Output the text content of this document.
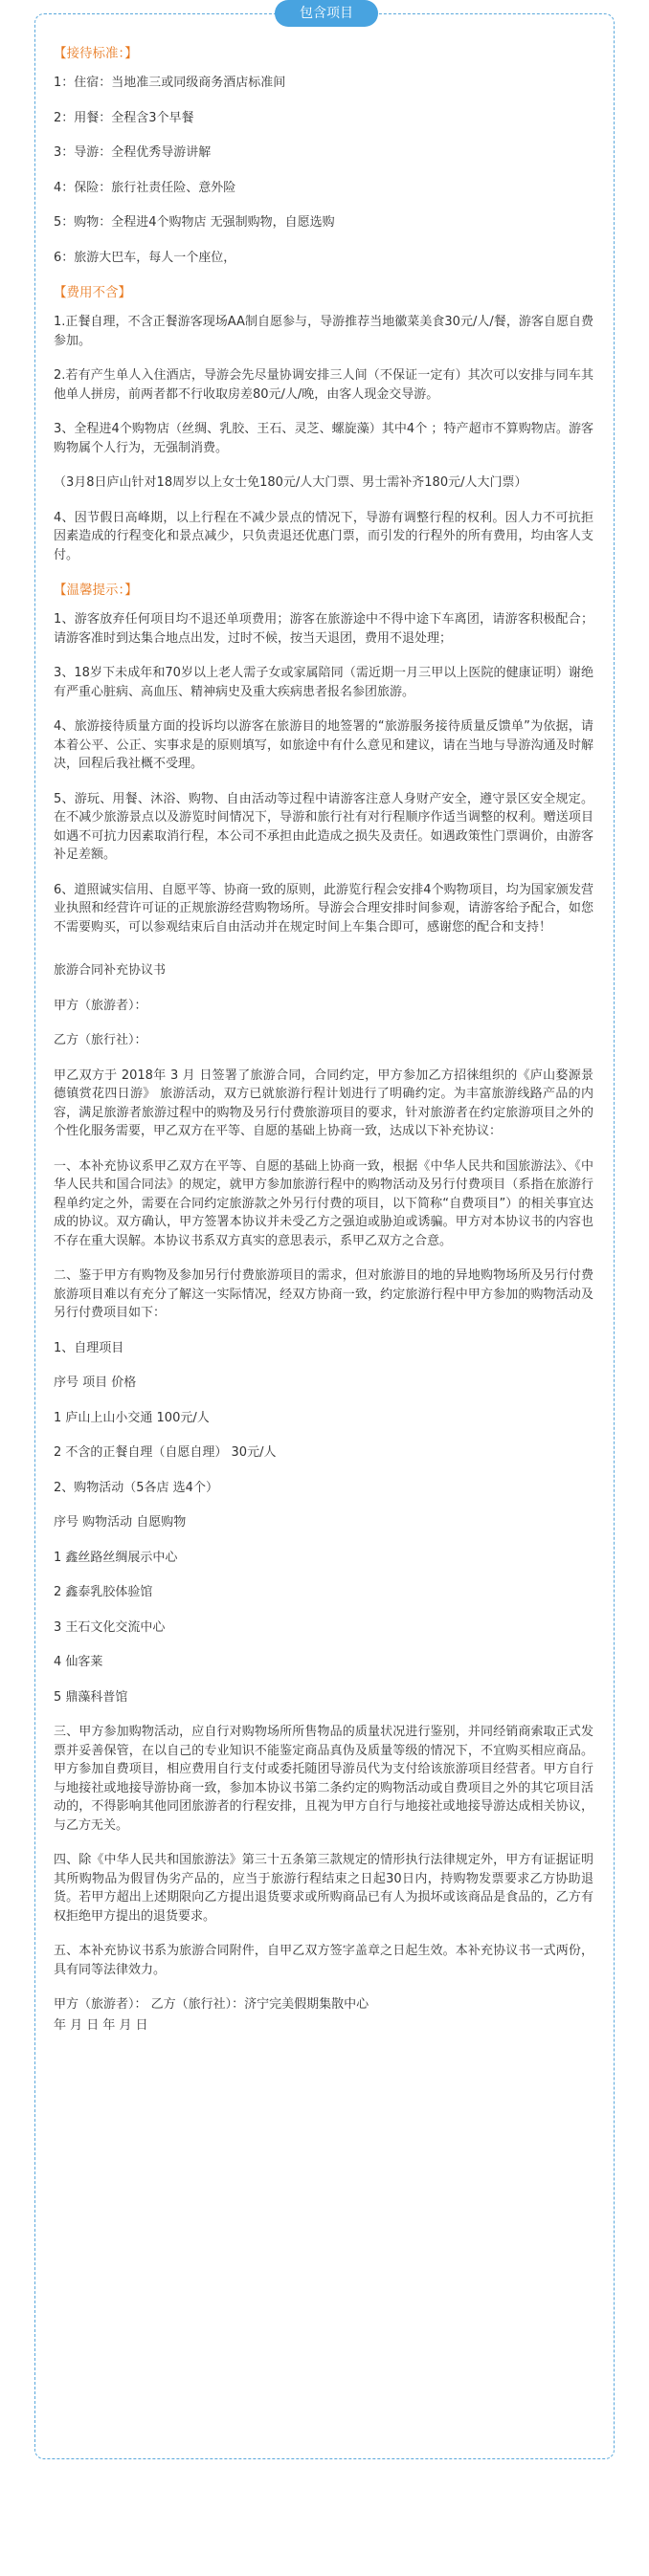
包含项目
【接待标准：】
1：住宿：当地准三或同级商务酒店标准间
2：用餐：全程含3个早餐
3：导游：全程优秀导游讲解
4：保险：旅行社责任险、意外险
5：购物：全程进4个购物店 无强制购物，自愿选购
6：旅游大巴车，每人一个座位，
【费用不含】
1.正餐自理，不含正餐游客现场AA制自愿参与，导游推荐当地徽菜美食30元/人/餐，游客自愿自费参加。
2.若有产生单人入住酒店，导游会先尽量协调安排三人间（不保证一定有）其次可以安排与同车其他单人拼房，前两者都不行收取房差80元/人/晚，由客人现金交导游。
3、全程进4个购物店（丝绸、乳胶、王石、灵芝、螺旋藻）其中4个 ；特产超市不算购物店。游客购物属个人行为，无强制消费。
（3月8日庐山针对18周岁以上女士免180元/人大门票、男士需补齐180元/人大门票）
4、因节假日高峰期，以上行程在不减少景点的情况下，导游有调整行程的权利。因人力不可抗拒因素造成的行程变化和景点减少，只负责退还优惠门票，而引发的行程外的所有费用，均由客人支付。
【温馨提示：】
1、游客放弃任何项目均不退还单项费用；游客在旅游途中不得中途下车离团，请游客积极配合；请游客准时到达集合地点出发，过时不候，按当天退团，费用不退处理；
3、18岁下未成年和70岁以上老人需子女或家属陪同（需近期一月三甲以上医院的健康证明）谢绝有严重心脏病、高血压、精神病史及重大疾病患者报名参团旅游。
4、旅游接待质量方面的投诉均以游客在旅游目的地签署的“旅游服务接待质量反馈单”为依据，请本着公平、公正、实事求是的原则填写，如旅途中有什么意见和建议，请在当地与导游沟通及时解决，回程后我社概不受理。
5、游玩、用餐、沐浴、购物、自由活动等过程中请游客注意人身财产安全，遵守景区安全规定。在不减少旅游景点以及游览时间情况下，导游和旅行社有对行程顺序作适当调整的权利。赠送项目如遇不可抗力因素取消行程，本公司不承担由此造成之损失及责任。如遇政策性门票调价，由游客补足差额。
6、道照诚实信用、自愿平等、协商一致的原则，此游览行程会安排4个购物项目，均为国家颁发营业执照和经营许可证的正规旅游经营购物场所。导游会合理安排时间参观，请游客给予配合，如您不需要购买，可以参观结束后自由活动并在规定时间上车集合即可，感谢您的配合和支持！
旅游合同补充协议书
甲方（旅游者）：
乙方（旅行社）：
甲乙双方于 2018年 3 月 日签署了旅游合同，合同约定，甲方参加乙方招徕组织的《庐山婺源景德镇赏花四日游》 旅游活动，双方已就旅游行程计划进行了明确约定。为丰富旅游线路产品的内容，满足旅游者旅游过程中的购物及另行付费旅游项目的要求，针对旅游者在约定旅游项目之外的个性化服务需要，甲乙双方在平等、自愿的基础上协商一致，达成以下补充协议：
一、本补充协议系甲乙双方在平等、自愿的基础上协商一致，根据《中华人民共和国旅游法》、《中华人民共和国合同法》的规定，就甲方参加旅游行程中的购物活动及另行付费项目（系指在旅游行程单约定之外，需要在合同约定旅游款之外另行付费的项目，以下简称“自费项目”）的相关事宜达成的协议。双方确认，甲方签署本协议并未受乙方之强迫或胁迫或诱骗。甲方对本协议书的内容也不存在重大误解。本协议书系双方真实的意思表示，系甲乙双方之合意。
二、鉴于甲方有购物及参加另行付费旅游项目的需求，但对旅游目的地的异地购物场所及另行付费旅游项目难以有充分了解这一实际情况，经双方协商一致，约定旅游行程中甲方参加的购物活动及另行付费项目如下：
1、自理项目
序号 项目 价格
1 庐山上山小交通 100元/人
2 不含的正餐自理（自愿自理） 30元/人
2、购物活动（5各店 选4个）
序号 购物活动 自愿购物
1 鑫丝路丝绸展示中心
2 鑫泰乳胶体验馆
3 王石文化交流中心
4 仙客莱
5 鼎藻科普馆
三、甲方参加购物活动，应自行对购物场所所售物品的质量状况进行鉴别，并同经销商索取正式发票并妥善保管，在以自己的专业知识不能鉴定商品真伪及质量等级的情况下，不宜购买相应商品。甲方参加自费项目，相应费用自行支付或委托随团导游员代为支付给该旅游项目经营者。甲方自行与地接社或地接导游协商一致，参加本协议书第二条约定的购物活动或自费项目之外的其它项目活动的，不得影响其他同团旅游者的行程安排，且视为甲方自行与地接社或地接导游达成相关协议，与乙方无关。
四、除《中华人民共和国旅游法》第三十五条第三款规定的情形执行法律规定外，甲方有证据证明其所购物品为假冒伪劣产品的，应当于旅游行程结束之日起30日内，持购物发票要求乙方协助退货。若甲方超出上述期限向乙方提出退货要求或所购商品已有人为损坏或该商品是食品的，乙方有权拒绝甲方提出的退货要求。
五、本补充协议书系为旅游合同附件，自甲乙双方签字盖章之日起生效。本补充协议书一式两份，具有同等法律效力。
甲方（旅游者）： 乙方（旅行社）：济宁完美假期集散中心
年 月 日 年 月 日
